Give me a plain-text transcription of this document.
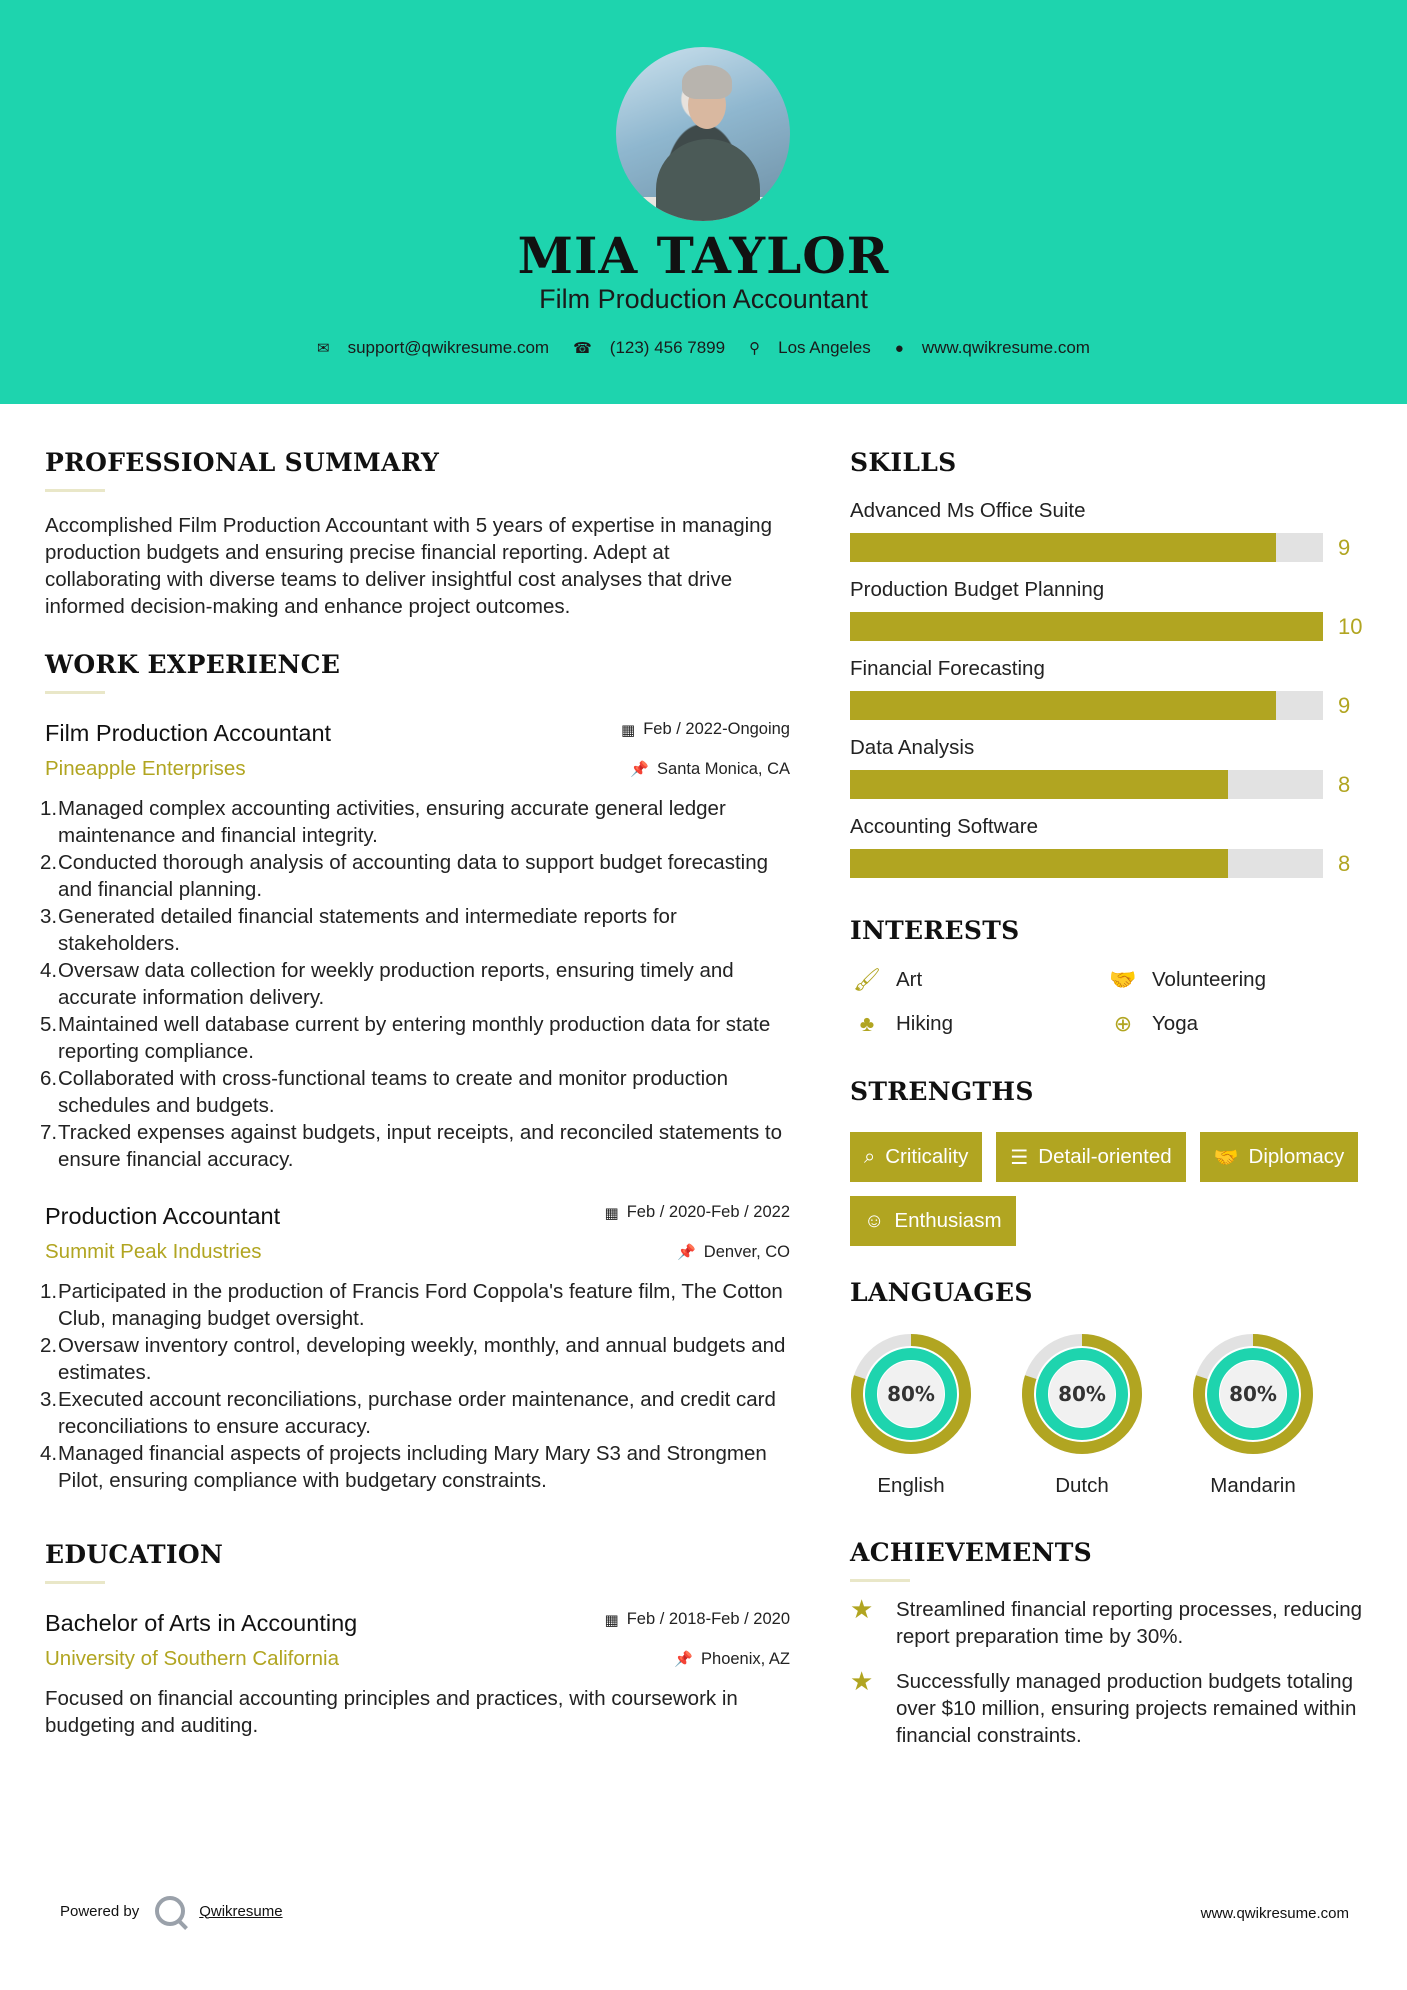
MIA TAYLOR
Film Production Accountant
✉ support@qwikresume.com ☎ (123) 456 7899 ⚲ Los Angeles ● www.qwikresume.com
PROFESSIONAL SUMMARY

Accomplished Film Production Accountant with 5 years of expertise in managing production budgets and ensuring precise financial reporting. Adept at collaborating with diverse teams to deliver insightful cost analyses that drive informed decision-making and enhance project outcomes.

WORK EXPERIENCE
Film Production Accountant	▦ Feb / 2022-Ongoing
Pineapple Enterprises	📌 Santa Monica, CA
1. Managed complex accounting activities, ensuring accurate general ledger maintenance and financial integrity.
2. Conducted thorough analysis of accounting data to support budget forecasting and financial planning.
3. Generated detailed financial statements and intermediate reports for stakeholders.
4. Oversaw data collection for weekly production reports, ensuring timely and accurate information delivery.
5. Maintained well database current by entering monthly production data for state reporting compliance.
6. Collaborated with cross-functional teams to create and monitor production schedules and budgets.
7. Tracked expenses against budgets, input receipts, and reconciled statements to ensure financial accuracy.
Production Accountant	▦ Feb / 2020-Feb / 2022
Summit Peak Industries	📌 Denver, CO
1. Participated in the production of Francis Ford Coppola's feature film, The Cotton Club, managing budget oversight.
2. Oversaw inventory control, developing weekly, monthly, and annual budgets and estimates.
3. Executed account reconciliations, purchase order maintenance, and credit card reconciliations to ensure accuracy.
4. Managed financial aspects of projects including Mary Mary S3 and Strongmen Pilot, ensuring compliance with budgetary constraints.
EDUCATION
Bachelor of Arts in Accounting	▦ Feb / 2018-Feb / 2020
University of Southern California	📌 Phoenix, AZ

Focused on financial accounting principles and practices, with coursework in budgeting and auditing.

SKILLS
Advanced Ms Office Suite
9
Production Budget Planning
10
Financial Forecasting
9
Data Analysis
8
Accounting Software
8
INTERESTS
🖌 Art	🤝 Volunteering
♣	Hiking	⊕ Yoga
STRENGTHS
⌕ Criticality ☰ Detail-oriented 🤝 Diplomacy
☺ Enthusiasm
LANGUAGES
80%
English
80%
Dutch
80%
Mandarin
ACHIEVEMENTS
★	Streamlined financial reporting processes, reducing report preparation time by 30%.
★	Successfully managed production budgets totaling over $10 million, ensuring projects remained within financial constraints.
Powered by	Qwikresume	www.qwikresume.com
